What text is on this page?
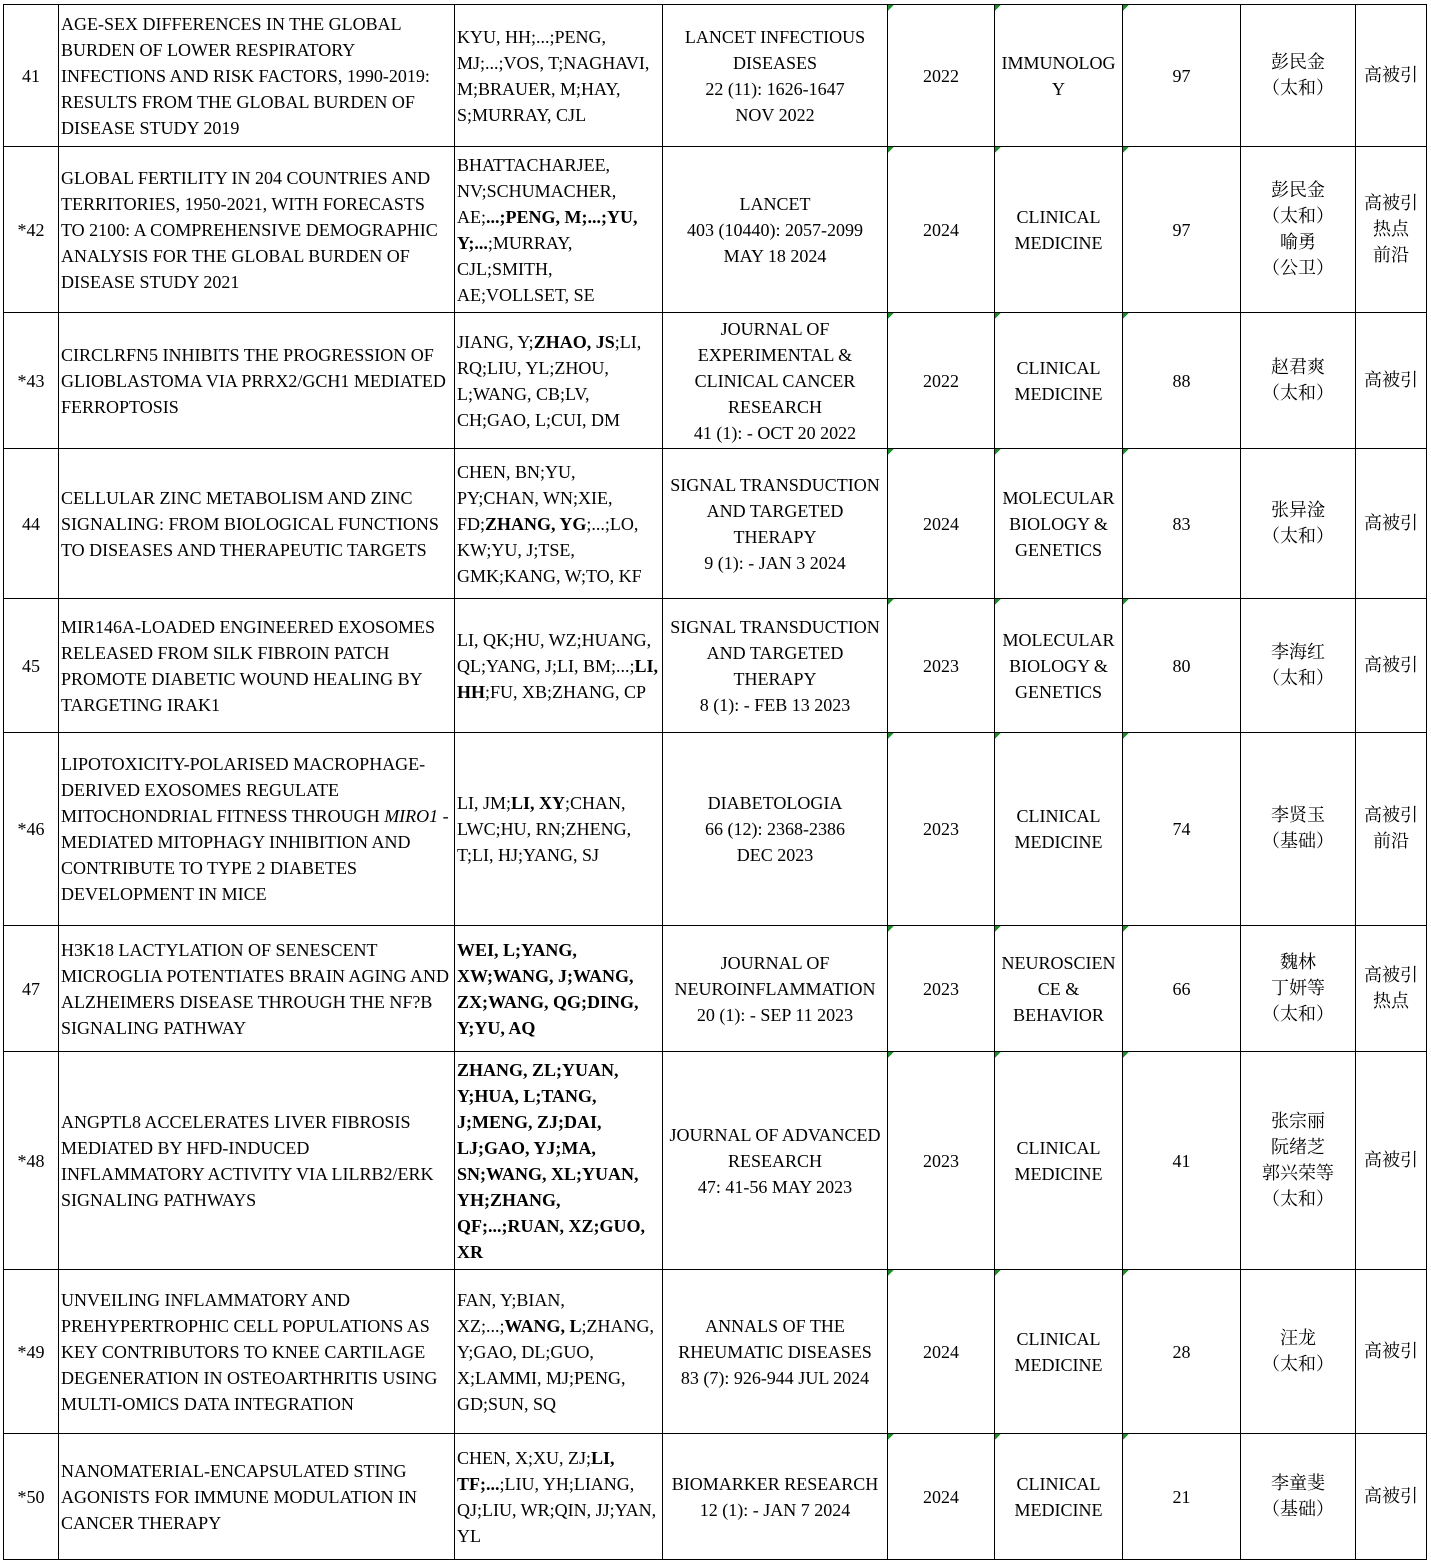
41	AGE-SEX DIFFERENCES IN THE GLOBAL BURDEN OF LOWER RESPIRATORY INFECTIONS AND RISK FACTORS, 1990-2019: RESULTS FROM THE GLOBAL BURDEN OF DISEASE STUDY 2019	KYU, HH;...;PENG, MJ;...;VOS, T;NAGHAVI, M;BRAUER, M;HAY, S;MURRAY, CJL	LANCET INFECTIOUS DISEASES
22 (11): 1626-1647
NOV 2022	2022	IMMUNOLOGY	97	彭民金
（太和）	高被引

*42	GLOBAL FERTILITY IN 204 COUNTRIES AND TERRITORIES, 1950-2021, WITH FORECASTS TO 2100: A COMPREHENSIVE DEMOGRAPHIC ANALYSIS FOR THE GLOBAL BURDEN OF DISEASE STUDY 2021	BHATTACHARJEE, NV;SCHUMACHER, AE;...;PENG, M;...;YU, Y;...;MURRAY, CJL;SMITH, AE;VOLLSET, SE	LANCET
403 (10440): 2057-2099
MAY 18 2024	2024	CLINICAL MEDICINE	97	彭民金
（太和）
喻勇
（公卫）	高被引
热点
前沿

*43	CIRCLRFN5 INHIBITS THE PROGRESSION OF GLIOBLASTOMA VIA PRRX2/GCH1 MEDIATED FERROPTOSIS	JIANG, Y;ZHAO, JS;LI, RQ;LIU, YL;ZHOU, L;WANG, CB;LV, CH;GAO, L;CUI, DM	JOURNAL OF EXPERIMENTAL & CLINICAL CANCER RESEARCH
41 (1): - OCT 20 2022	2022	CLINICAL MEDICINE	88	赵君爽
（太和）	高被引

44	CELLULAR ZINC METABOLISM AND ZINC SIGNALING: FROM BIOLOGICAL FUNCTIONS TO DISEASES AND THERAPEUTIC TARGETS	CHEN, BN;YU, PY;CHAN, WN;XIE, FD;ZHANG, YG;...;LO, KW;YU, J;TSE, GMK;KANG, W;TO, KF	SIGNAL TRANSDUCTION AND TARGETED THERAPY
9 (1): - JAN 3 2024	2024	MOLECULAR BIOLOGY & GENETICS	83	张异淦
（太和）	高被引

45	MIR146A-LOADED ENGINEERED EXOSOMES RELEASED FROM SILK FIBROIN PATCH PROMOTE DIABETIC WOUND HEALING BY TARGETING IRAK1	LI, QK;HU, WZ;HUANG, QL;YANG, J;LI, BM;...;LI, HH;FU, XB;ZHANG, CP	SIGNAL TRANSDUCTION AND TARGETED THERAPY
8 (1): - FEB 13 2023	2023	MOLECULAR BIOLOGY & GENETICS	80	李海红
（太和）	高被引

*46	LIPOTOXICITY-POLARISED MACROPHAGE-DERIVED EXOSOMES REGULATE MITOCHONDRIAL FITNESS THROUGH MIRO1 -MEDIATED MITOPHAGY INHIBITION AND CONTRIBUTE TO TYPE 2 DIABETES DEVELOPMENT IN MICE	LI, JM;LI, XY;CHAN, LWC;HU, RN;ZHENG, T;LI, HJ;YANG, SJ	DIABETOLOGIA
66 (12): 2368-2386
DEC 2023	2023	CLINICAL MEDICINE	74	李贤玉
（基础）	高被引
前沿

47	H3K18 LACTYLATION OF SENESCENT MICROGLIA POTENTIATES BRAIN AGING AND ALZHEIMERS DISEASE THROUGH THE NF?B SIGNALING PATHWAY	WEI, L;YANG, XW;WANG, J;WANG, ZX;WANG, QG;DING, Y;YU, AQ	JOURNAL OF NEUROINFLAMMATION
20 (1): - SEP 11 2023	2023	NEUROSCIENCE & BEHAVIOR	66	魏林
丁妍等
（太和）	高被引
热点

*48	ANGPTL8 ACCELERATES LIVER FIBROSIS MEDIATED BY HFD-INDUCED INFLAMMATORY ACTIVITY VIA LILRB2/ERK SIGNALING PATHWAYS	ZHANG, ZL;YUAN, Y;HUA, L;TANG, J;MENG, ZJ;DAI, LJ;GAO, YJ;MA, SN;WANG, XL;YUAN, YH;ZHANG, QF;...;RUAN, XZ;GUO, XR	JOURNAL OF ADVANCED RESEARCH
47: 41-56 MAY 2023	2023	CLINICAL MEDICINE	41	张宗丽
阮绪芝
郭兴荣等
（太和）	高被引

*49	UNVEILING INFLAMMATORY AND PREHYPERTROPHIC CELL POPULATIONS AS KEY CONTRIBUTORS TO KNEE CARTILAGE DEGENERATION IN OSTEOARTHRITIS USING MULTI-OMICS DATA INTEGRATION	FAN, Y;BIAN, XZ;...;WANG, L;ZHANG, Y;GAO, DL;GUO, X;LAMMI, MJ;PENG, GD;SUN, SQ	ANNALS OF THE RHEUMATIC DISEASES
83 (7): 926-944 JUL 2024	2024	CLINICAL MEDICINE	28	汪龙
（太和）	高被引

*50	NANOMATERIAL-ENCAPSULATED STING AGONISTS FOR IMMUNE MODULATION IN CANCER THERAPY	CHEN, X;XU, ZJ;LI, TF;...;LIU, YH;LIANG, QJ;LIU, WR;QIN, JJ;YAN, YL	BIOMARKER RESEARCH 12 (1): - JAN 7 2024	2024	CLINICAL MEDICINE	21	李童斐
（基础）	高被引
